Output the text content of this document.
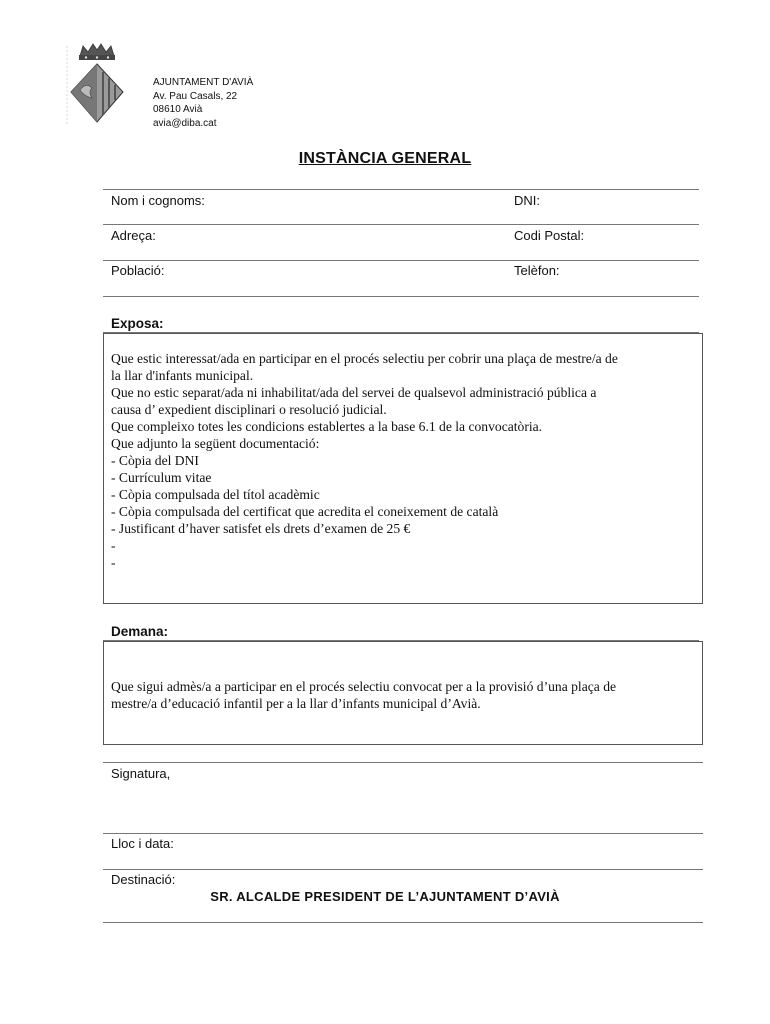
AJUNTAMENT D'AVIÀ
Av. Pau Casals, 22
08610 Avià
avia@diba.cat
INSTÀNCIA GENERAL
Nom i cognoms:	DNI:
Adreça:	Codi Postal:
Població:	Telèfon:
Exposa:
Que estic interessat/ada en participar en el procés selectiu per cobrir una plaça de mestre/a de
la llar d'infants municipal.
Que no estic separat/ada ni inhabilitat/ada del servei de qualsevol administració pública a
causa d’ expedient disciplinari o resolució judicial.
Que compleixo totes les condicions establertes a la base 6.1 de la convocatòria.
Que adjunto la següent documentació:
- Còpia del DNI
- Currículum vitae
- Còpia compulsada del títol acadèmic
- Còpia compulsada del certificat que acredita el coneixement de català
- Justificant d’haver satisfet els drets d’examen de 25 €
-
-
Demana:
Que sigui admès/a a participar en el procés selectiu convocat per a la provisió d’una plaça de
mestre/a d’educació infantil per a la llar d’infants municipal d’Avià.
Signatura,
Lloc i data:
Destinació:
SR. ALCALDE PRESIDENT DE L’AJUNTAMENT D’AVIÀ
